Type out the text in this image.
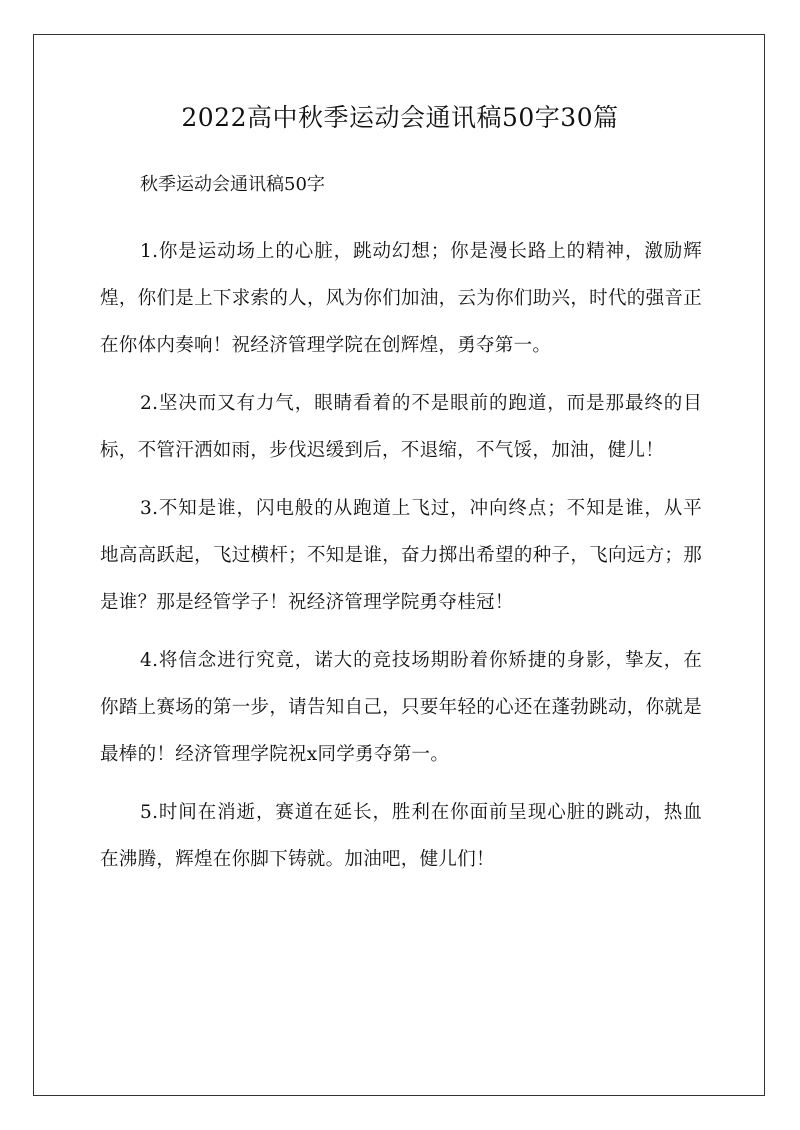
2022高中秋季运动会通讯稿50字30篇

秋季运动会通讯稿50字

1.你是运动场上的心脏，跳动幻想；你是漫长路上的精神，激励辉煌，你们是上下求索的人，风为你们加油，云为你们助兴，时代的强音正在你体内奏响！祝经济管理学院在创辉煌，勇夺第一。

2.坚决而又有力气，眼睛看着的不是眼前的跑道，而是那最终的目标，不管汗洒如雨，步伐迟缓到后，不退缩，不气馁，加油，健儿！

3.不知是谁，闪电般的从跑道上飞过，冲向终点；不知是谁，从平地高高跃起，飞过横杆；不知是谁，奋力掷出希望的种子，飞向远方；那是谁？那是经管学子！祝经济管理学院勇夺桂冠！

4.将信念进行究竟，诺大的竞技场期盼着你矫捷的身影，挚友，在你踏上赛场的第一步，请告知自己，只要年轻的心还在蓬勃跳动，你就是最棒的！经济管理学院祝x同学勇夺第一。

5.时间在消逝，赛道在延长，胜利在你面前呈现心脏的跳动，热血在沸腾，辉煌在你脚下铸就。加油吧，健儿们！
